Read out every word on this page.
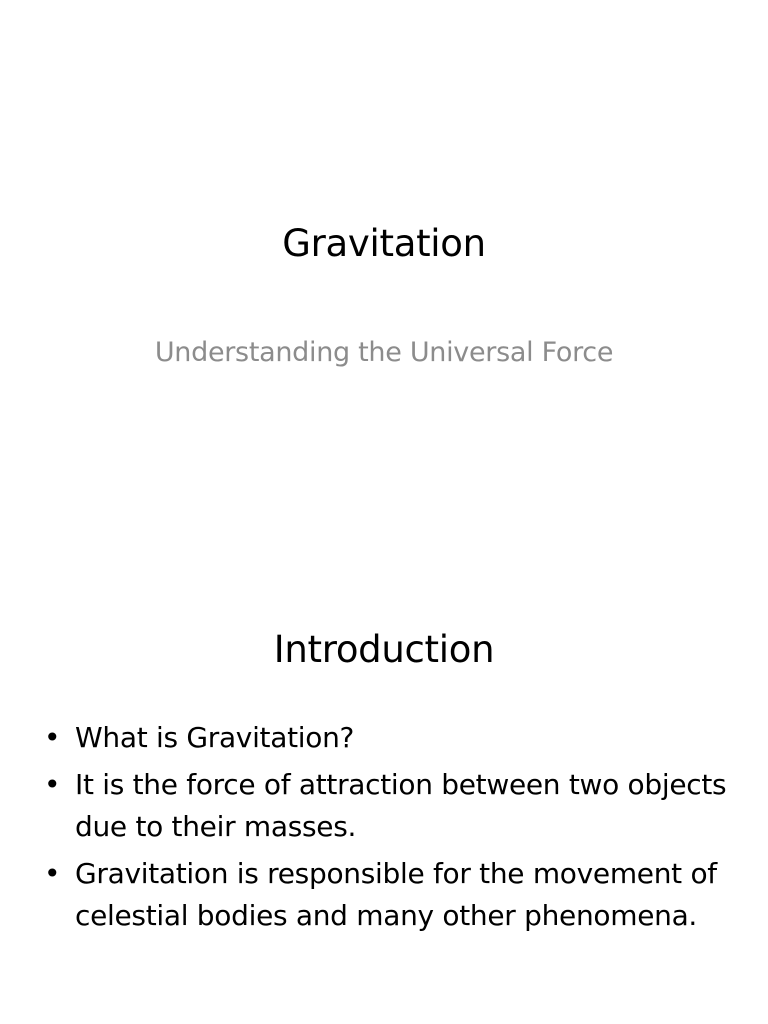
Gravitation
Understanding the Universal Force
Introduction
• What is Gravitation?
• It is the force of attraction between two objects due to their masses.
• Gravitation is responsible for the movement of celestial bodies and many other phenomena.
